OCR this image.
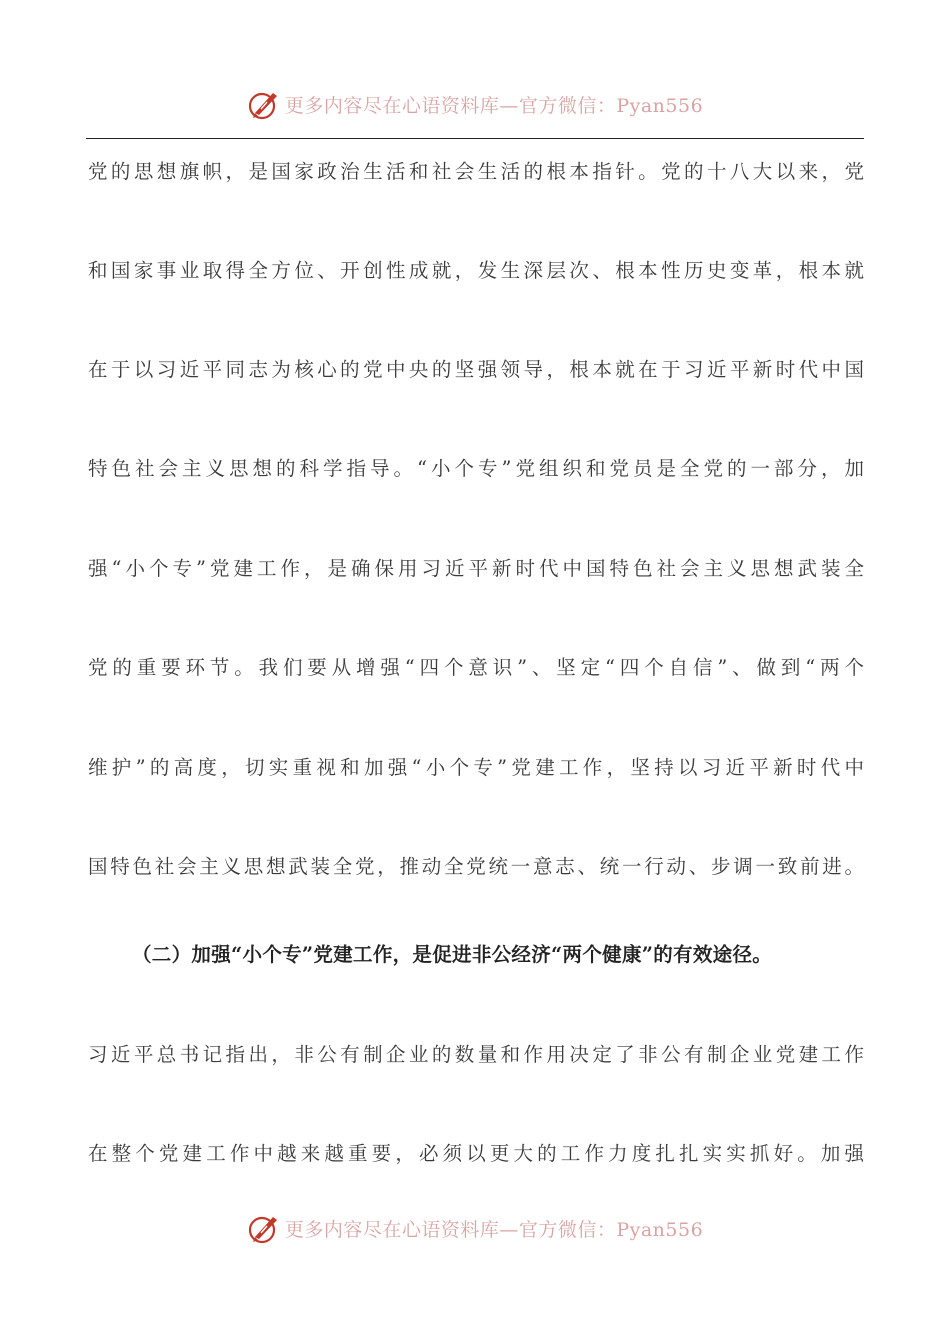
更多内容尽在心语资料库—官方微信：Pyan556
党的思想旗帜，是国家政治生活和社会生活的根本指针。党的十八大以来，党
和国家事业取得全方位、开创性成就，发生深层次、根本性历史变革，根本就
在于以习近平同志为核心的党中央的坚强领导，根本就在于习近平新时代中国
特色社会主义思想的科学指导。“小个专”党组织和党员是全党的一部分，加
强“小个专”党建工作，是确保用习近平新时代中国特色社会主义思想武装全
党的重要环节。我们要从增强“四个意识”、坚定“四个自信”、做到“两个
维护”的高度，切实重视和加强“小个专”党建工作，坚持以习近平新时代中
国特色社会主义思想武装全党，推动全党统一意志、统一行动、步调一致前进。
（二）加强“小个专”党建工作，是促进非公经济“两个健康”的有效途径。
习近平总书记指出，非公有制企业的数量和作用决定了非公有制企业党建工作
在整个党建工作中越来越重要，必须以更大的工作力度扎扎实实抓好。加强
更多内容尽在心语资料库—官方微信：Pyan556
